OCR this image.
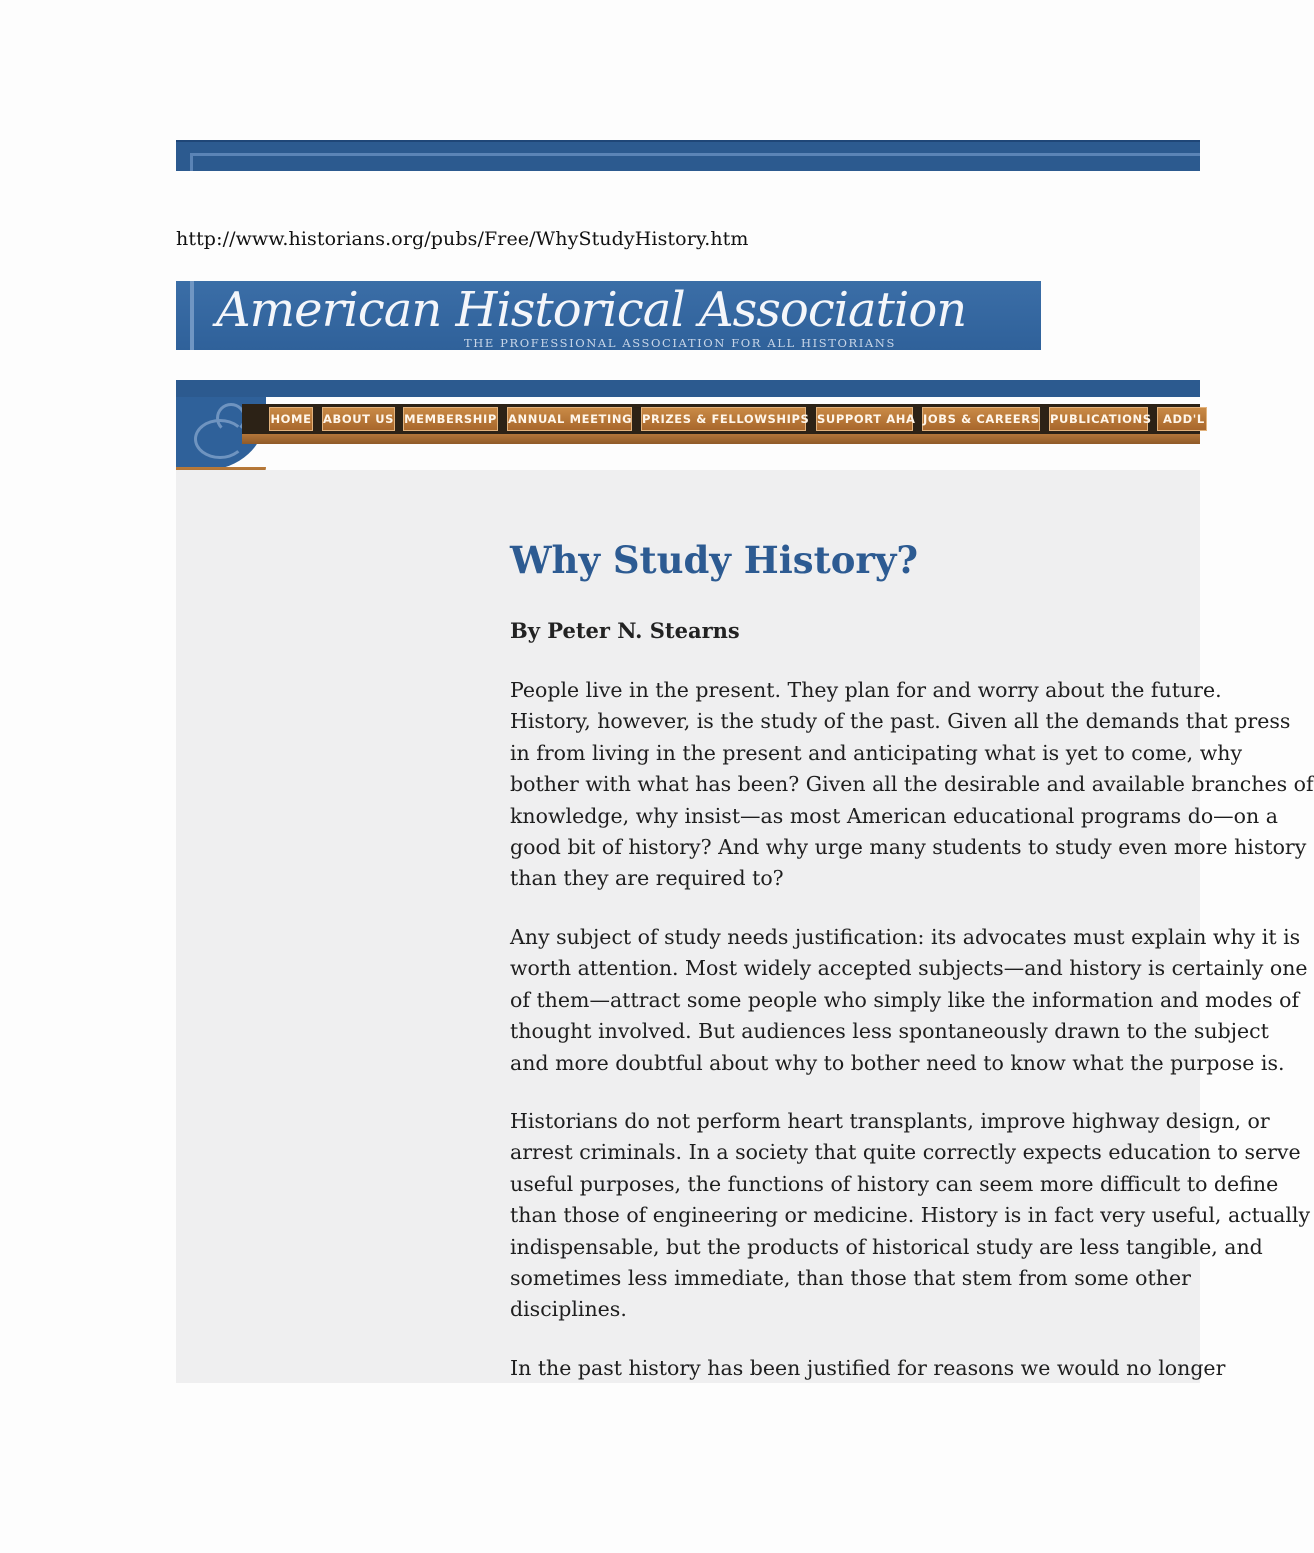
http://www.historians.org/pubs/Free/WhyStudyHistory.htm
American Historical Association
THE PROFESSIONAL ASSOCIATION FOR ALL HISTORIANS
HOME ABOUT US MEMBERSHIP ANNUAL MEETING PRIZES & FELLOWSHIPS SUPPORT AHA JOBS & CAREERS PUBLICATIONS ADD'L
Why Study History?
By Peter N. Stearns
People live in the present. They plan for and worry about the future.
History, however, is the study of the past. Given all the demands that press
in from living in the present and anticipating what is yet to come, why
bother with what has been? Given all the desirable and available branches of
knowledge, why insist—as most American educational programs do—on a
good bit of history? And why urge many students to study even more history
than they are required to?
Any subject of study needs justification: its advocates must explain why it is
worth attention. Most widely accepted subjects—and history is certainly one
of them—attract some people who simply like the information and modes of
thought involved. But audiences less spontaneously drawn to the subject
and more doubtful about why to bother need to know what the purpose is.
Historians do not perform heart transplants, improve highway design, or
arrest criminals. In a society that quite correctly expects education to serve
useful purposes, the functions of history can seem more difficult to define
than those of engineering or medicine. History is in fact very useful, actually
indispensable, but the products of historical study are less tangible, and
sometimes less immediate, than those that stem from some other
disciplines.
In the past history has been justified for reasons we would no longer
